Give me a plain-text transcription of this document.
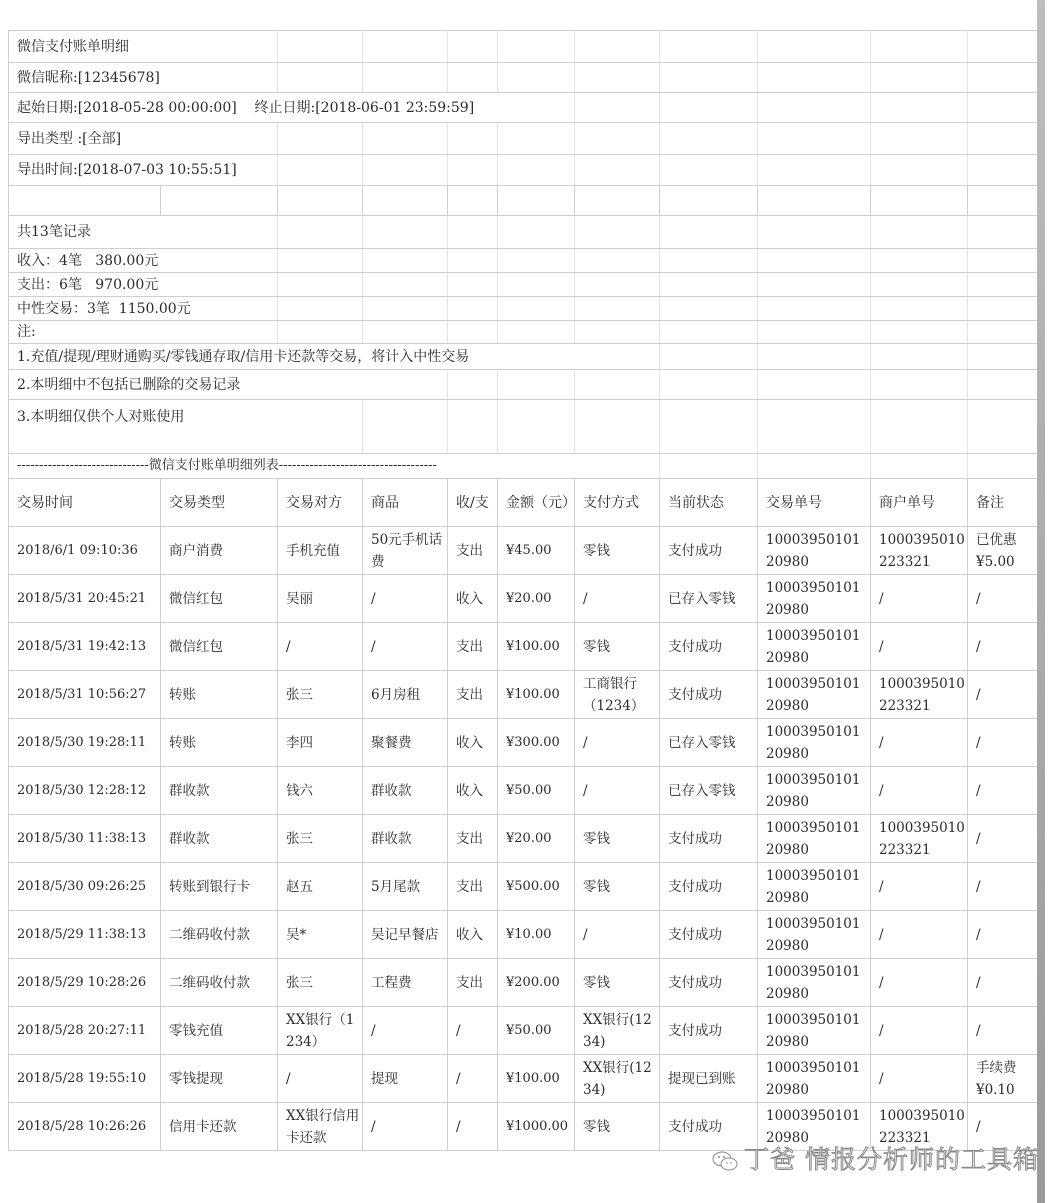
微信支付账单明细										
微信昵称:[12345678]										
起始日期:[2018-05-28 00:00:00]    终止日期:[2018-06-01 23:59:59]										
导出类型 :[全部]										
导出时间:[2018-07-03 10:55:51]										

共13笔记录										
收入：4笔   380.00元										
支出：6笔   970.00元										
中性交易：3笔  1150.00元										
注:										
1.充值/提现/理财通购买/零钱通存取/信用卡还款等交易，将计入中性交易										
2.本明细中不包括已删除的交易记录										
3.本明细仅供个人对账使用										
------------------------------微信支付账单明细列表------------------------------------										
交易时间	交易类型	交易对方	商品	收/支	金额（元）	支付方式	当前状态	交易单号	商户单号	备注
2018/6/1 09:10:36	商户消费	手机充值	50元手机话费	支出	¥45.00	零钱	支付成功	1000395010120980	1000395010223321	已优惠¥5.00
2018/5/31 20:45:21	微信红包	吴丽	/	收入	¥20.00	/	已存入零钱	1000395010120980	/	/
2018/5/31 19:42:13	微信红包	/	/	支出	¥100.00	零钱	支付成功	1000395010120980	/	/
2018/5/31 10:56:27	转账	张三	6月房租	支出	¥100.00	工商银行（1234）	支付成功	1000395010120980	1000395010223321	/
2018/5/30 19:28:11	转账	李四	聚餐费	收入	¥300.00	/	已存入零钱	1000395010120980	/	/
2018/5/30 12:28:12	群收款	钱六	群收款	收入	¥50.00	/	已存入零钱	1000395010120980	/	/
2018/5/30 11:38:13	群收款	张三	群收款	支出	¥20.00	零钱	支付成功	1000395010120980	1000395010223321	/
2018/5/30 09:26:25	转账到银行卡	赵五	5月尾款	支出	¥500.00	零钱	支付成功	1000395010120980	/	/
2018/5/29 11:38:13	二维码收付款	吴*	吴记早餐店	收入	¥10.00	/	支付成功	1000395010120980	/	/
2018/5/29 10:28:26	二维码收付款	张三	工程费	支出	¥200.00	零钱	支付成功	1000395010120980	/	/
2018/5/28 20:27:11	零钱充值	XX银行（1234）	/	/	¥50.00	XX银行(1234)	支付成功	1000395010120980	/	/
2018/5/28 19:55:10	零钱提现	/	提现	/	¥100.00	XX银行(1234)	提现已到账	1000395010120980	/	手续费¥0.10
2018/5/28 10:26:26	信用卡还款	XX银行信用卡还款	/	/	¥1000.00	零钱	支付成功	1000395010120980	1000395010223321	/
丁爸 情报分析师的工具箱
